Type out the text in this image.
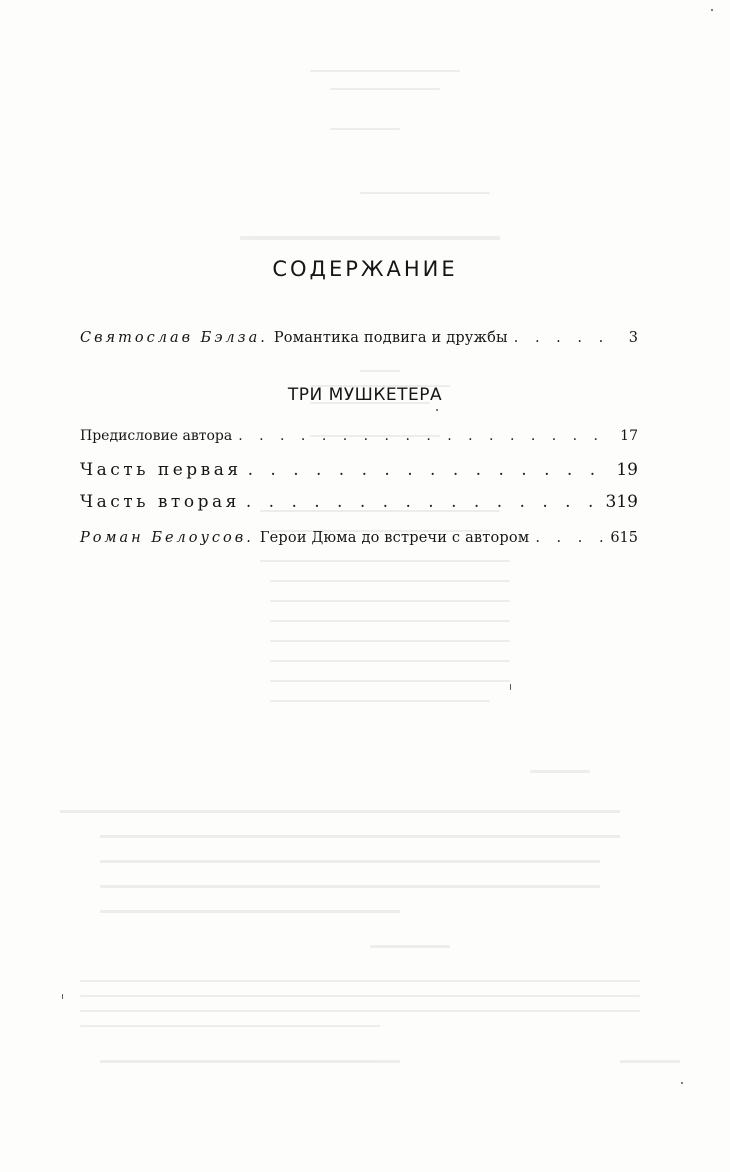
СОДЕРЖАНИЕ
Святослав Бэлза. Романтика подвига и дружбы . . .	3
ТРИ МУШКЕТЕРА
Предисловие автора . . .	17
Часть первая . . .	19
Часть вторая . . .	319
Роман Белоусов. Герои Дюма до встречи с автором . . .	615
